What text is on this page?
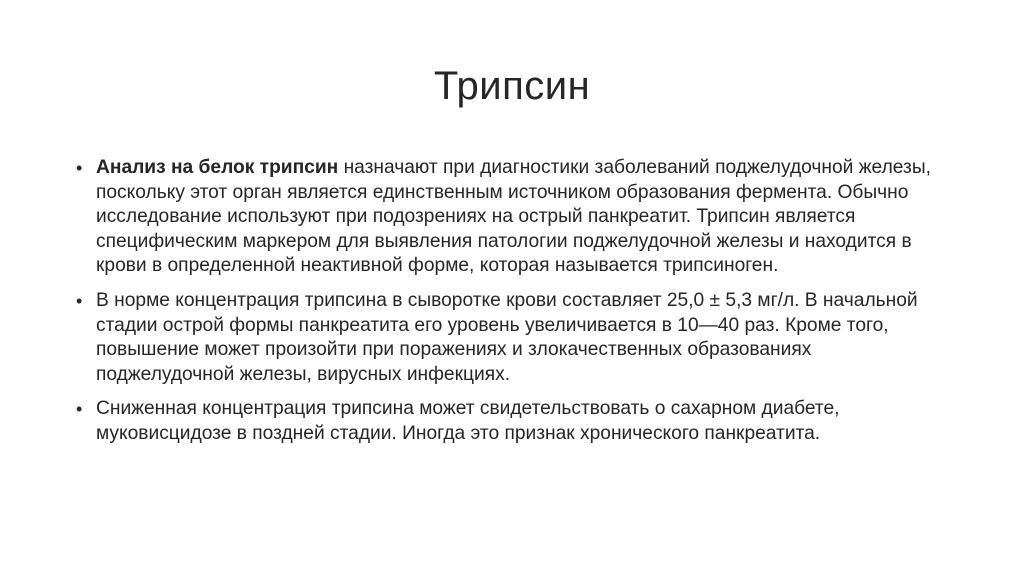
Трипсин
• Анализ на белок трипсин назначают при диагностики заболеваний поджелудочной железы, поскольку этот орган является единственным источником образования фермента. Обычно исследование используют при подозрениях на острый панкреатит. Трипсин является специфическим маркером для выявления патологии поджелудочной железы и находится в крови в определенной неактивной форме, которая называется трипсиноген.
• В норме концентрация трипсина в сыворотке крови составляет 25,0 ± 5,3 мг/л. В начальной стадии острой формы панкреатита его уровень увеличивается в 10—40 раз. Кроме того, повышение может произойти при поражениях и злокачественных образованиях поджелудочной железы, вирусных инфекциях.
• Сниженная концентрация трипсина может свидетельствовать о сахарном диабете, муковисцидозе в поздней стадии. Иногда это признак хронического панкреатита.
